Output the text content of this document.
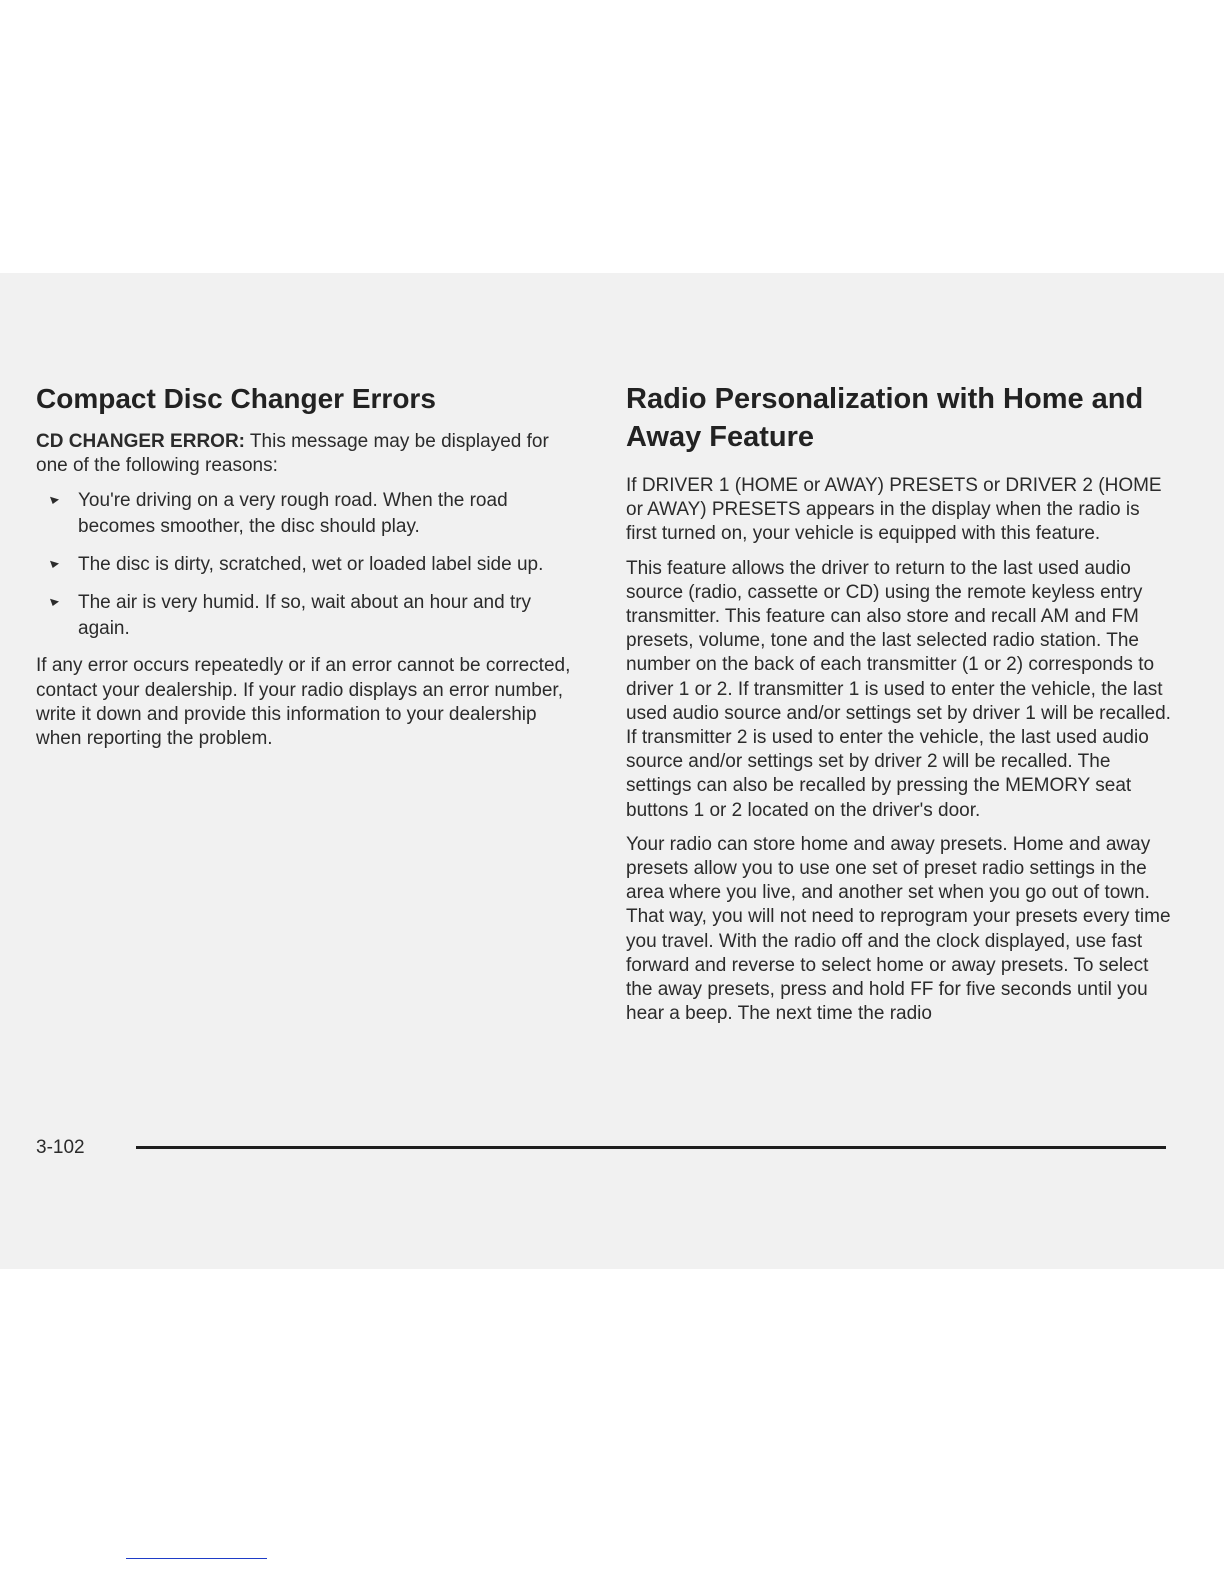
Compact Disc Changer Errors

CD CHANGER ERROR: This message may be displayed for one of the following reasons:

You're driving on a very rough road. When the road becomes smoother, the disc should play.
The disc is dirty, scratched, wet or loaded label side up.
The air is very humid. If so, wait about an hour and try again.

If any error occurs repeatedly or if an error cannot be corrected, contact your dealership. If your radio displays an error number, write it down and provide this information to your dealership when reporting the problem.

Radio Personalization with Home and Away Feature

If DRIVER 1 (HOME or AWAY) PRESETS or DRIVER 2 (HOME or AWAY) PRESETS appears in the display when the radio is first turned on, your vehicle is equipped with this feature.

This feature allows the driver to return to the last used audio source (radio, cassette or CD) using the remote keyless entry transmitter. This feature can also store and recall AM and FM presets, volume, tone and the last selected radio station. The number on the back of each transmitter (1 or 2) corresponds to driver 1 or 2. If transmitter 1 is used to enter the vehicle, the last used audio source and/or settings set by driver 1 will be recalled. If transmitter 2 is used to enter the vehicle, the last used audio source and/or settings set by driver 2 will be recalled. The settings can also be recalled by pressing the MEMORY seat buttons 1 or 2 located on the driver's door.

Your radio can store home and away presets. Home and away presets allow you to use one set of preset radio settings in the area where you live, and another set when you go out of town. That way, you will not need to reprogram your presets every time you travel. With the radio off and the clock displayed, use fast forward and reverse to select home or away presets. To select the away presets, press and hold FF for five seconds until you hear a beep. The next time the radio

3-102
